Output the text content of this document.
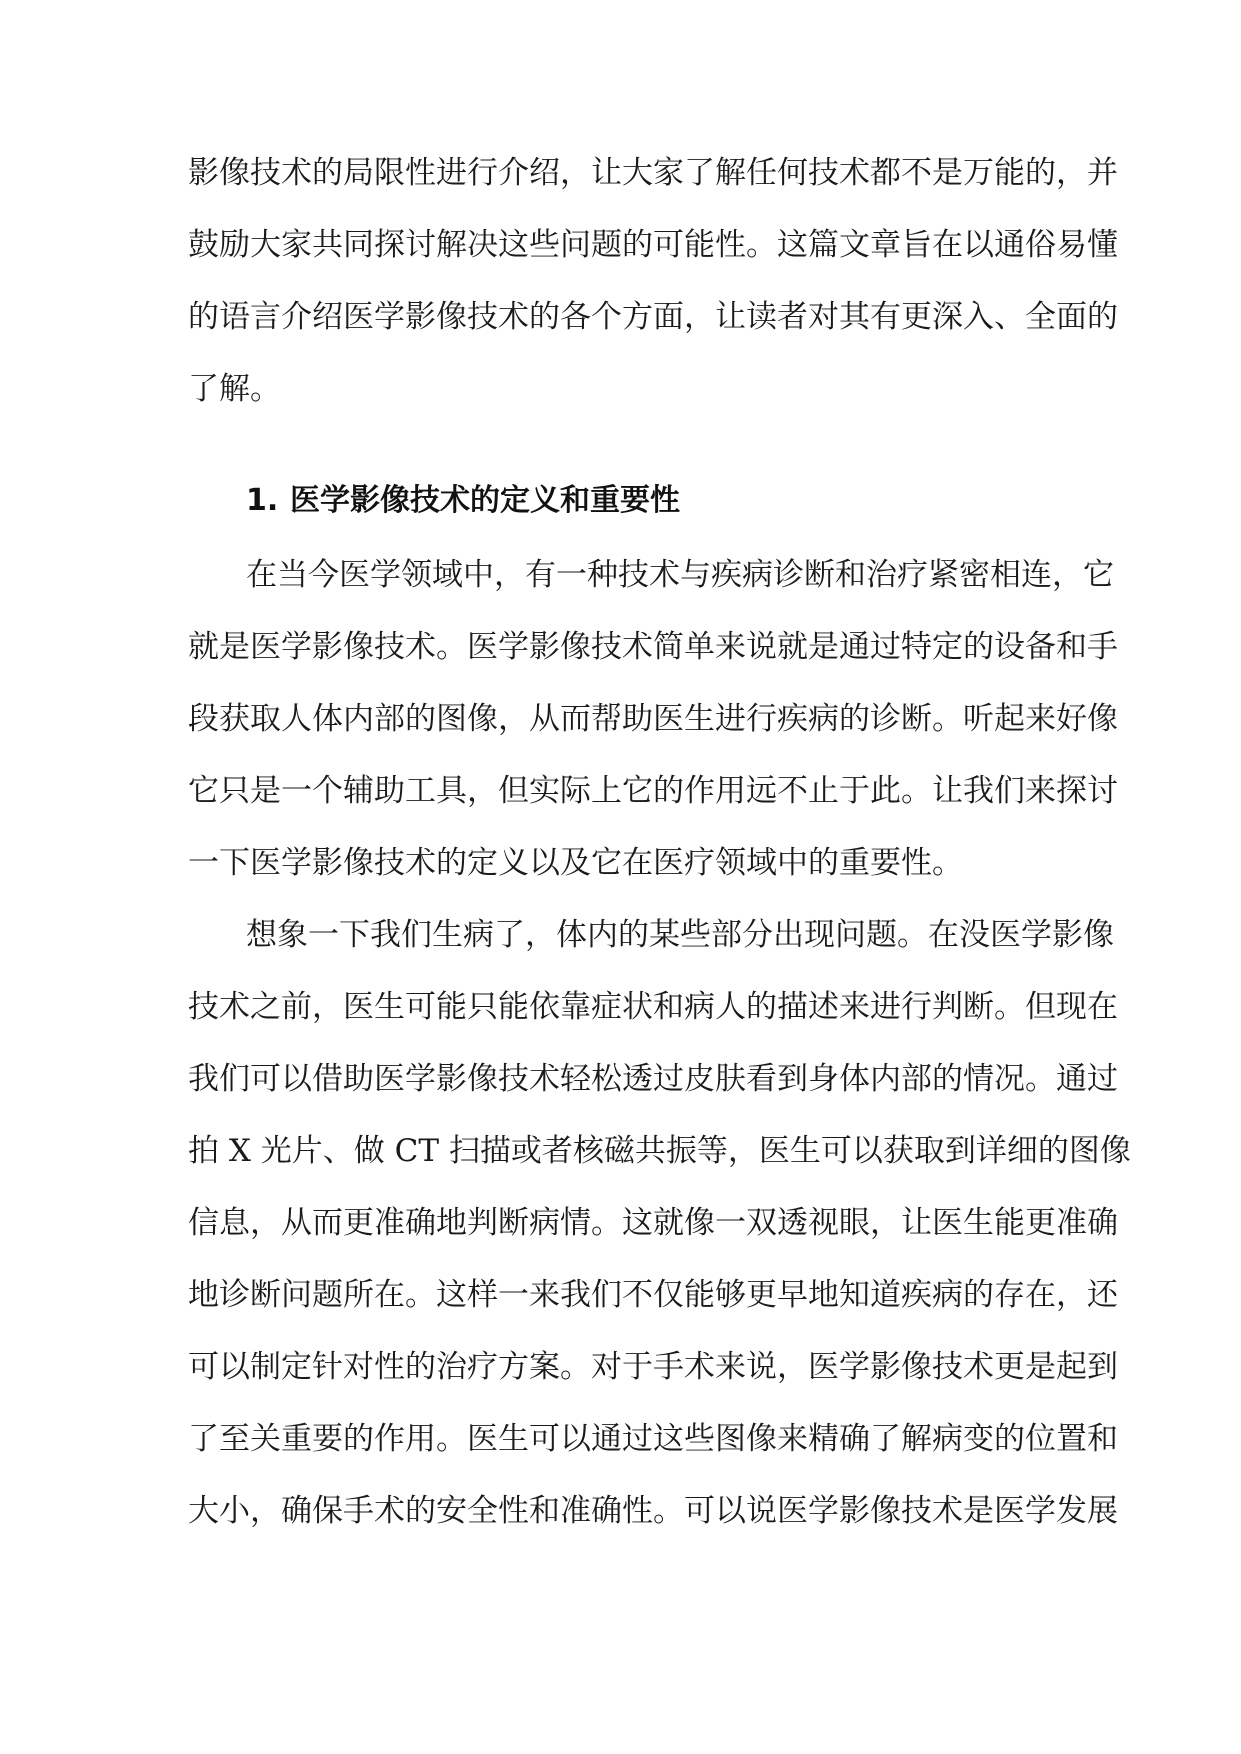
影像技术的局限性进行介绍，让大家了解任何技术都不是万能的，并

鼓励大家共同探讨解决这些问题的可能性。这篇文章旨在以通俗易懂

的语言介绍医学影像技术的各个方面，让读者对其有更深入、全面的

了解。

1. 医学影像技术的定义和重要性

在当今医学领域中，有一种技术与疾病诊断和治疗紧密相连，它

就是医学影像技术。医学影像技术简单来说就是通过特定的设备和手

段获取人体内部的图像，从而帮助医生进行疾病的诊断。听起来好像

它只是一个辅助工具，但实际上它的作用远不止于此。让我们来探讨

一下医学影像技术的定义以及它在医疗领域中的重要性。

想象一下我们生病了，体内的某些部分出现问题。在没医学影像

技术之前，医生可能只能依靠症状和病人的描述来进行判断。但现在

我们可以借助医学影像技术轻松透过皮肤看到身体内部的情况。通过

拍 X 光片、做 CT 扫描或者核磁共振等，医生可以获取到详细的图像

信息，从而更准确地判断病情。这就像一双透视眼，让医生能更准确

地诊断问题所在。这样一来我们不仅能够更早地知道疾病的存在，还

可以制定针对性的治疗方案。对于手术来说，医学影像技术更是起到

了至关重要的作用。医生可以通过这些图像来精确了解病变的位置和

大小，确保手术的安全性和准确性。可以说医学影像技术是医学发展
